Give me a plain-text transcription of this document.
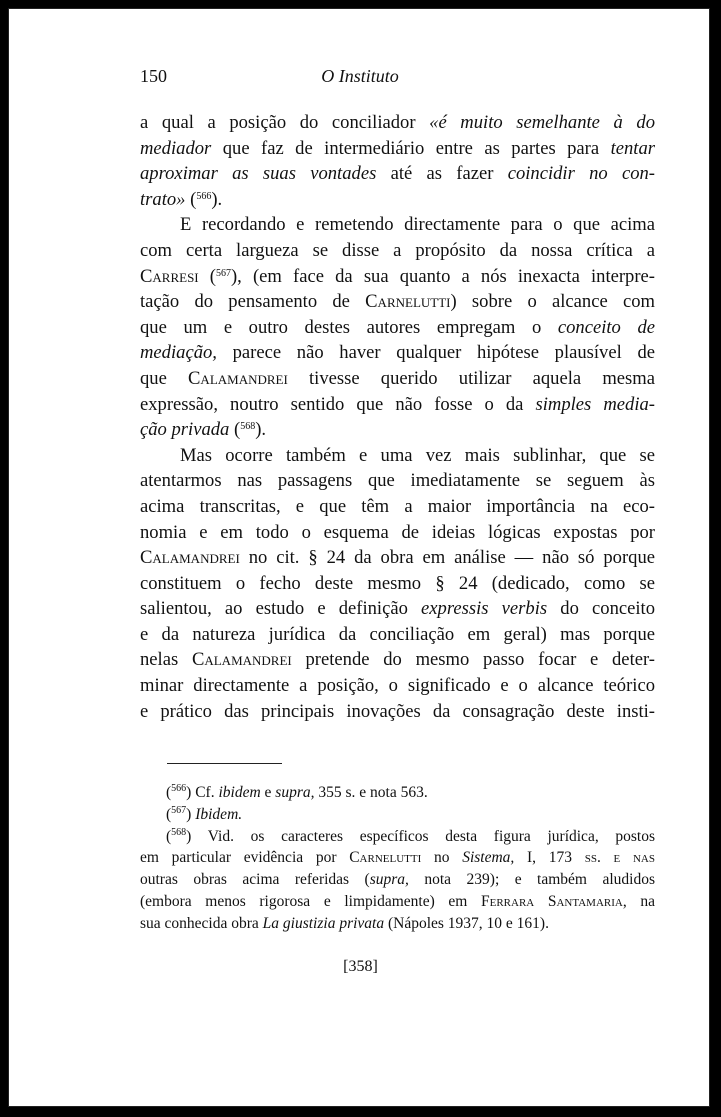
150	O Instituto
a qual a posição do conciliador «é muito semelhante à do
mediador que faz de intermediário entre as partes para tentar
aproximar as suas vontades até as fazer coincidir no con-
trato» ($^{566}$).
E recordando e remetendo directamente para o que acima
com certa largueza se disse a propósito da nossa crítica a
Carresi ($^{567}$), (em face da sua quanto a nós inexacta interpre-
tação do pensamento de Carnelutti) sobre o alcance com
que um e outro destes autores empregam o conceito de
mediação, parece não haver qualquer hipótese plausível de
que Calamandrei tivesse querido utilizar aquela mesma
expressão, noutro sentido que não fosse o da simples media-
ção privada ($^{568}$).
Mas ocorre também e uma vez mais sublinhar, que se
atentarmos nas passagens que imediatamente se seguem às
acima transcritas, e que têm a maior importância na eco-
nomia e em todo o esquema de ideias lógicas expostas por
Calamandrei no cit. § 24 da obra em análise — não só porque
constituem o fecho deste mesmo § 24 (dedicado, como se
salientou, ao estudo e definição expressis verbis do conceito
e da natureza jurídica da conciliação em geral) mas porque
nelas Calamandrei pretende do mesmo passo focar e deter-
minar directamente a posição, o significado e o alcance teórico
e prático das principais inovações da consagração deste insti-
($^{566}$) Cf. ibidem e supra, 355 s. e nota 563.
($^{567}$) Ibidem.
($^{568}$) Vid. os caracteres específicos desta figura jurídica, postos
em particular evidência por Carnelutti no Sistema, I, 173 ss. e nas
outras obras acima referidas (supra, nota 239); e também aludidos
(embora menos rigorosa e limpidamente) em Ferrara Santamaria, na
sua conhecida obra La giustizia privata (Nápoles 1937, 10 e 161).
[358]
